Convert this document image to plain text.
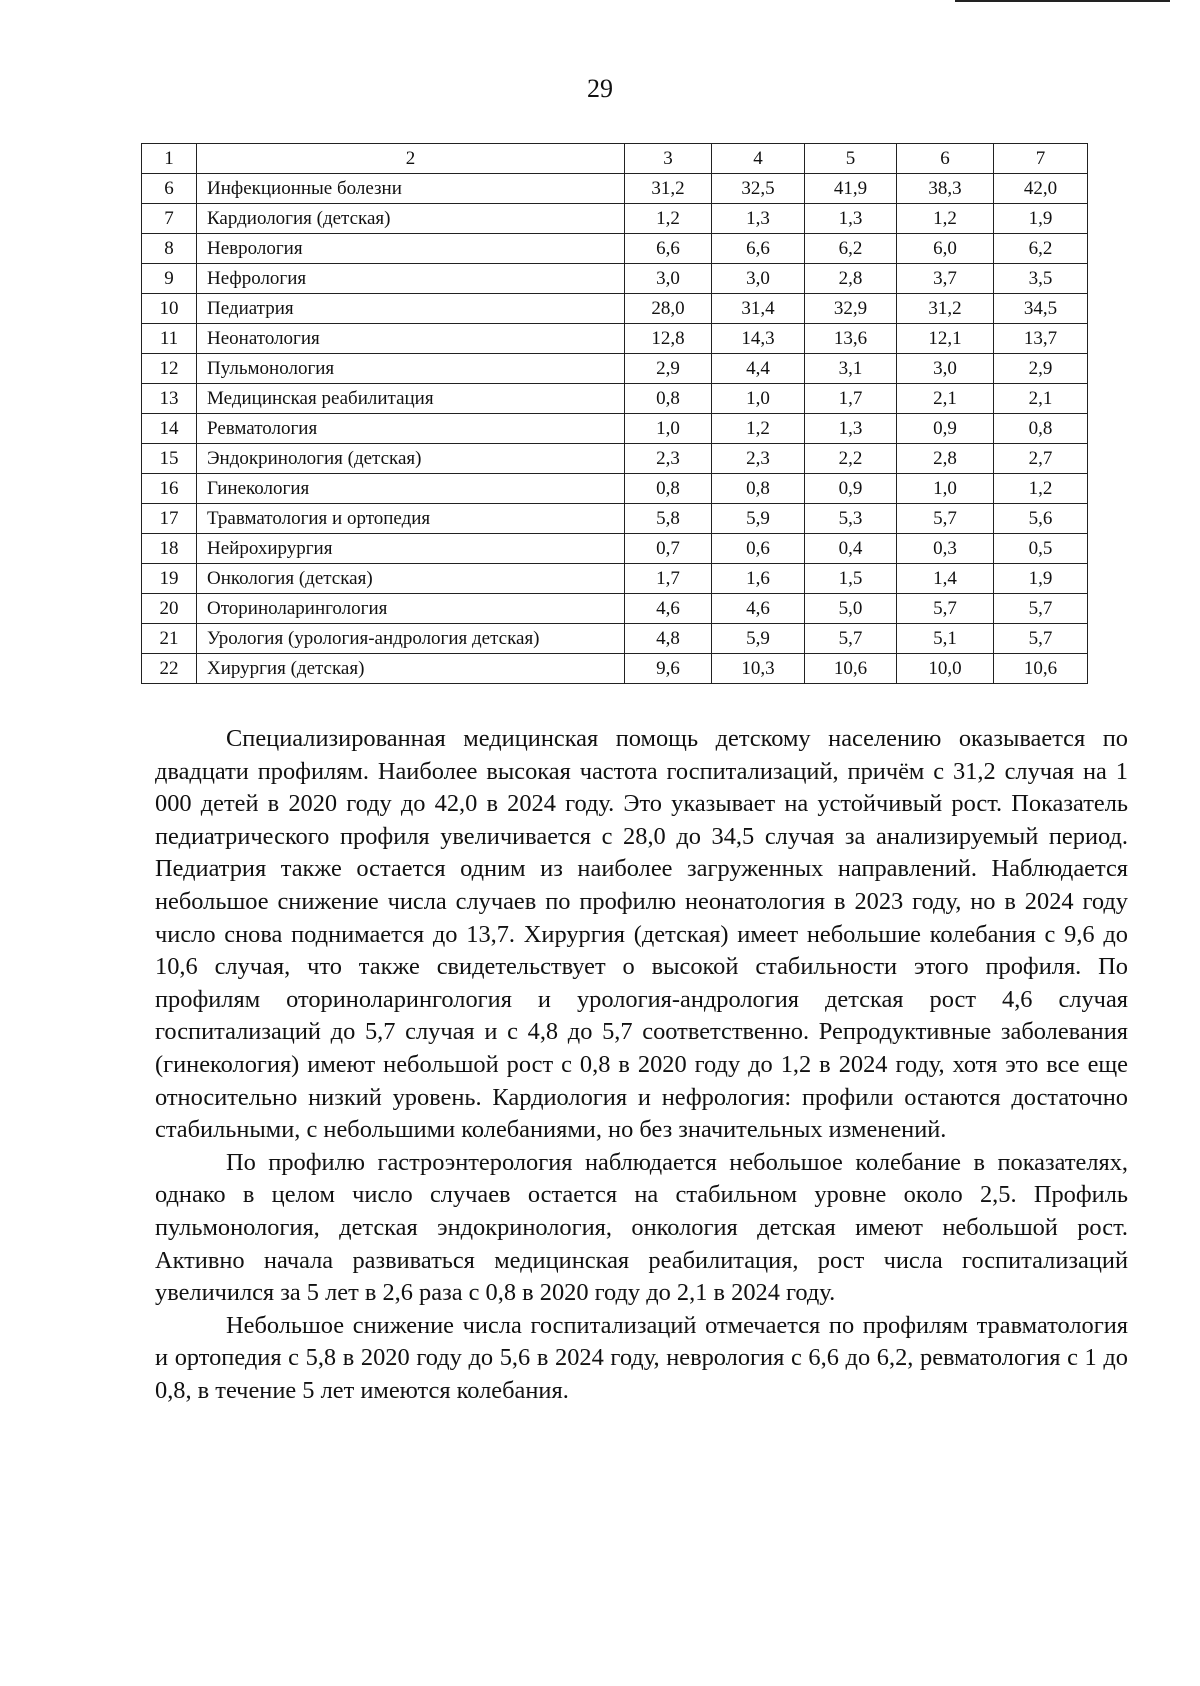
29
1	2	3	4	5	6	7
6	Инфекционные болезни	31,2	32,5	41,9	38,3	42,0
7	Кардиология (детская)	1,2	1,3	1,3	1,2	1,9
8	Неврология	6,6	6,6	6,2	6,0	6,2
9	Нефрология	3,0	3,0	2,8	3,7	3,5
10	Педиатрия	28,0	31,4	32,9	31,2	34,5
11	Неонатология	12,8	14,3	13,6	12,1	13,7
12	Пульмонология	2,9	4,4	3,1	3,0	2,9
13	Медицинская реабилитация	0,8	1,0	1,7	2,1	2,1
14	Ревматология	1,0	1,2	1,3	0,9	0,8
15	Эндокринология (детская)	2,3	2,3	2,2	2,8	2,7
16	Гинекология	0,8	0,8	0,9	1,0	1,2
17	Травматология и ортопедия	5,8	5,9	5,3	5,7	5,6
18	Нейрохирургия	0,7	0,6	0,4	0,3	0,5
19	Онкология (детская)	1,7	1,6	1,5	1,4	1,9
20	Оториноларингология	4,6	4,6	5,0	5,7	5,7
21	Урология (урология-андрология детская)	4,8	5,9	5,7	5,1	5,7
22	Хирургия (детская)	9,6	10,3	10,6	10,0	10,6

Специализированная медицинская помощь детскому населению оказывается по двадцати профилям. Наиболее высокая частота госпитализаций, причём с 31,2 случая на 1 000 детей в 2020 году до 42,0 в 2024 году. Это указывает на устойчивый рост. Показатель педиатрического профиля увеличивается с 28,0 до 34,5 случая за анализируемый период. Педиатрия также остается одним из наиболее загруженных направлений. Наблюдается небольшое снижение числа случаев по профилю неонатология в 2023 году, но в 2024 году число снова поднимается до 13,7. Хирургия (детская) имеет небольшие колебания с 9,6 до 10,6 случая, что также свидетельствует о высокой стабильности этого профиля. По профилям оториноларингология и урология-андрология детская рост 4,6 случая госпитализаций до 5,7 случая и с 4,8 до 5,7 соответственно. Репродуктивные заболевания (гинекология) имеют небольшой рост с 0,8 в 2020 году до 1,2 в 2024 году, хотя это все еще относительно низкий уровень. Кардиология и нефрология: профили остаются достаточно стабильными, с небольшими колебаниями, но без значительных изменений.

По профилю гастроэнтерология наблюдается небольшое колебание в показателях, однако в целом число случаев остается на стабильном уровне около 2,5. Профиль пульмонология, детская эндокринология, онкология детская имеют небольшой рост. Активно начала развиваться медицинская реабилитация, рост числа госпитализаций увеличился за 5 лет в 2,6 раза с 0,8 в 2020 году до 2,1 в 2024 году.

Небольшое снижение числа госпитализаций отмечается по профилям травматология и ортопедия с 5,8 в 2020 году до 5,6 в 2024 году, неврология с 6,6 до 6,2, ревматология с 1 до 0,8, в течение 5 лет имеются колебания.
